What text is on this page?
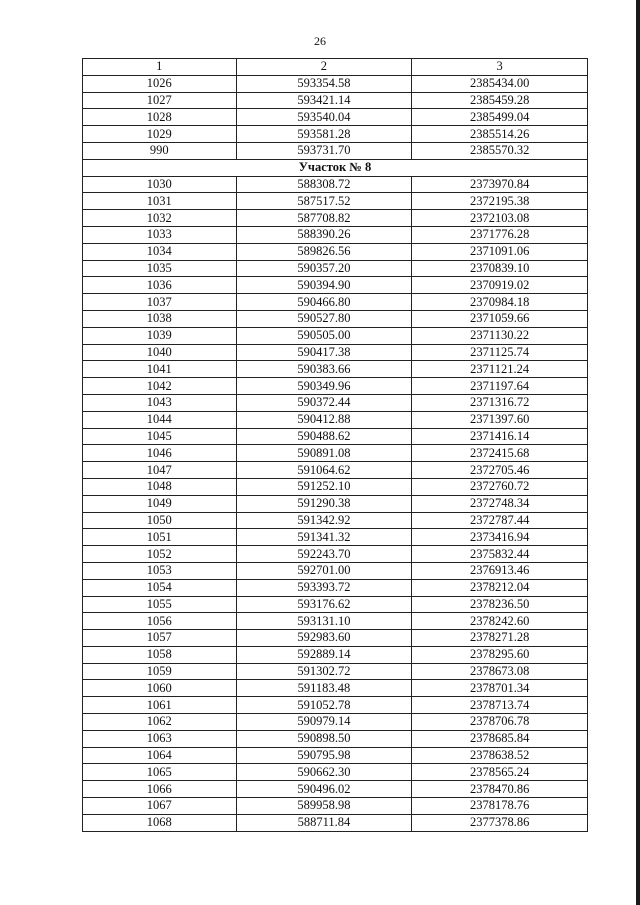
26
1	2	3
1026	593354.58	2385434.00
1027	593421.14	2385459.28
1028	593540.04	2385499.04
1029	593581.28	2385514.26
990	593731.70	2385570.32
Участок № 8		
1030	588308.72	2373970.84
1031	587517.52	2372195.38
1032	587708.82	2372103.08
1033	588390.26	2371776.28
1034	589826.56	2371091.06
1035	590357.20	2370839.10
1036	590394.90	2370919.02
1037	590466.80	2370984.18
1038	590527.80	2371059.66
1039	590505.00	2371130.22
1040	590417.38	2371125.74
1041	590383.66	2371121.24
1042	590349.96	2371197.64
1043	590372.44	2371316.72
1044	590412.88	2371397.60
1045	590488.62	2371416.14
1046	590891.08	2372415.68
1047	591064.62	2372705.46
1048	591252.10	2372760.72
1049	591290.38	2372748.34
1050	591342.92	2372787.44
1051	591341.32	2373416.94
1052	592243.70	2375832.44
1053	592701.00	2376913.46
1054	593393.72	2378212.04
1055	593176.62	2378236.50
1056	593131.10	2378242.60
1057	592983.60	2378271.28
1058	592889.14	2378295.60
1059	591302.72	2378673.08
1060	591183.48	2378701.34
1061	591052.78	2378713.74
1062	590979.14	2378706.78
1063	590898.50	2378685.84
1064	590795.98	2378638.52
1065	590662.30	2378565.24
1066	590496.02	2378470.86
1067	589958.98	2378178.76
1068	588711.84	2377378.86
